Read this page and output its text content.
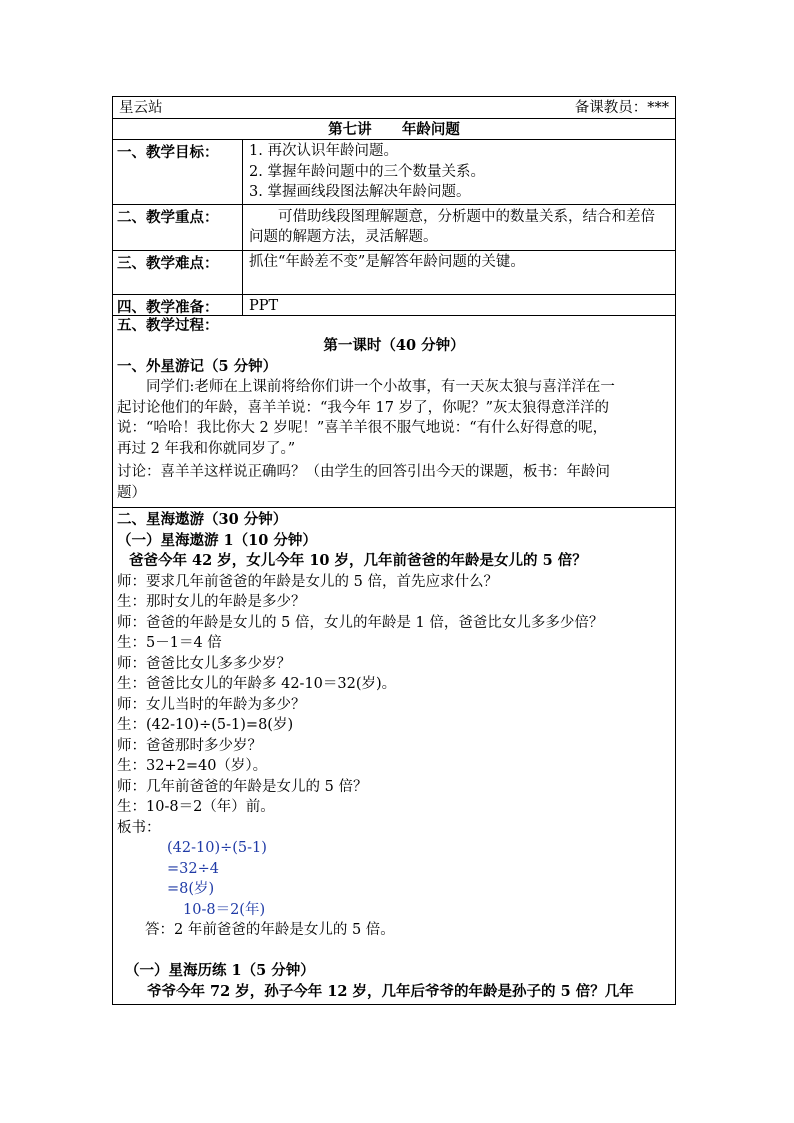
星云站	备课教员：***
第七讲      年龄问题
一、教学目标：	1. 再次认识年龄问题。
2. 掌握年龄问题中的三个数量关系。
3. 掌握画线段图法解决年龄问题。
二、教学重点：	可借助线段图理解题意，分析题中的数量关系，结合和差倍问题的解题方法，灵活解题。
三、教学难点：	抓住“年龄差不变”是解答年龄问题的关键。
四、教学准备：	PPT
五、教学过程：
第一课时（40 分钟）
一、外星游记（5 分钟）
同学们:老师在上课前将给你们讲一个小故事，有一天灰太狼与喜洋洋在一
起讨论他们的年龄，喜羊羊说：“我今年 17 岁了，你呢？”灰太狼得意洋洋的
说：“哈哈！我比你大 2 岁呢！”喜羊羊很不服气地说：“有什么好得意的呢，
再过 2 年我和你就同岁了。”
讨论：喜羊羊这样说正确吗？（由学生的回答引出今天的课题，板书：年龄问
题）
二、星海遨游（30 分钟）
（一）星海遨游 1（10 分钟）
爸爸今年 42 岁，女儿今年 10 岁，几年前爸爸的年龄是女儿的 5 倍？
师：要求几年前爸爸的年龄是女儿的 5 倍，首先应求什么？
生：那时女儿的年龄是多少？
师：爸爸的年龄是女儿的 5 倍，女儿的年龄是 1 倍，爸爸比女儿多多少倍？
生：5－1＝4 倍
师：爸爸比女儿多多少岁？
生：爸爸比女儿的年龄多 42-10＝32(岁)。
师：女儿当时的年龄为多少？
生：(42-10)÷(5-1)=8(岁)
师：爸爸那时多少岁？
生：32+2=40（岁）。
师：几年前爸爸的年龄是女儿的 5 倍？
生：10-8＝2（年）前。
板书：
(42-10)÷(5-1)
=32÷4
=8(岁)
10-8＝2(年)
答：2 年前爸爸的年龄是女儿的 5 倍。
（一）星海历练 1（5 分钟）
爷爷今年 72 岁，孙子今年 12 岁，几年后爷爷的年龄是孙子的 5 倍？几年
